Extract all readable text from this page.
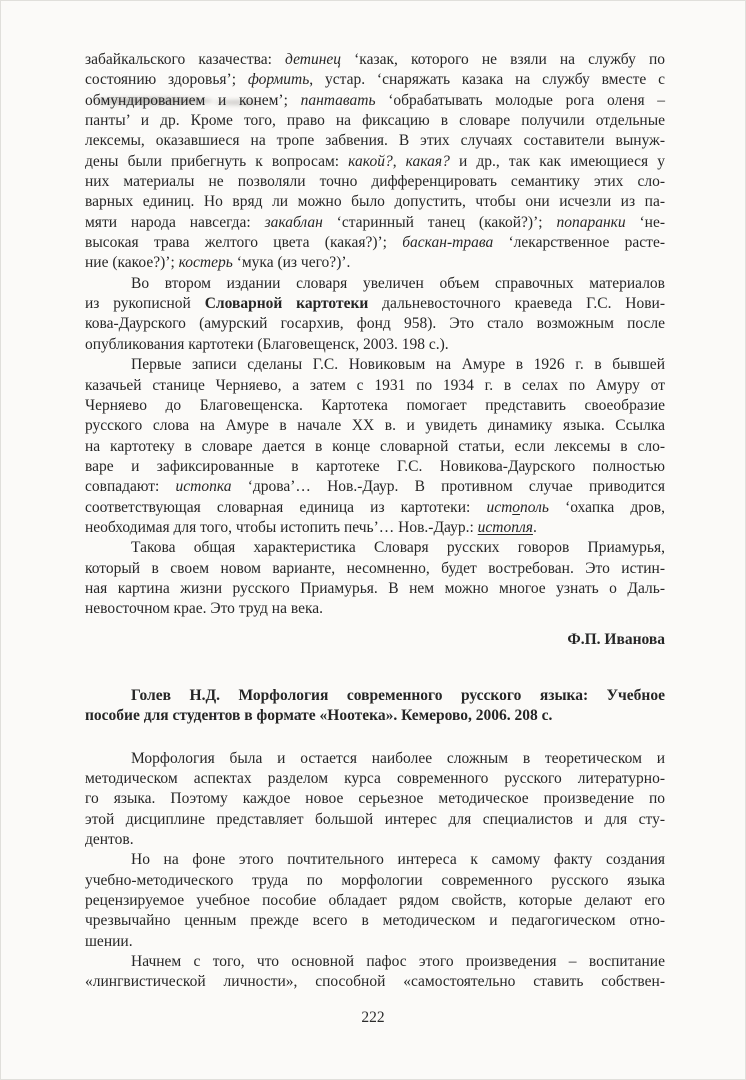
забайкальского казачества: детинец ‘казак, которого не взяли на службу по
состоянию здоровья’; формить, устар. ‘снаряжать казака на службу вместе с
обмундированием и конем’; пантавать ‘обрабатывать молодые рога оленя –
панты’ и др. Кроме того, право на фиксацию в словаре получили отдельные
лексемы, оказавшиеся на тропе забвения. В этих случаях составители вынуж-
дены были прибегнуть к вопросам: какой?, какая? и др., так как имеющиеся у
них материалы не позволяли точно дифференцировать семантику этих сло-
варных единиц. Но вряд ли можно было допустить, чтобы они исчезли из па-
мяти народа навсегда: закаблан ‘старинный танец (какой?)’; попаранки ‘не-
высокая трава желтого цвета (какая?)’; баскан-трава ‘лекарственное расте-
ние (какое?)’; костерь ‘мука (из чего?)’.
Во втором издании словаря увеличен объем справочных материалов
из рукописной Словарной картотеки дальневосточного краеведа Г.С. Нови-
кова-Даурского (амурский госархив, фонд 958). Это стало возможным после
опубликования картотеки (Благовещенск, 2003. 198 с.).
Первые записи сделаны Г.С. Новиковым на Амуре в 1926 г. в бывшей
казачьей станице Черняево, а затем с 1931 по 1934 г. в селах по Амуру от
Черняево до Благовещенска. Картотека помогает представить своеобразие
русского слова на Амуре в начале XX в. и увидеть динамику языка. Ссылка
на картотеку в словаре дается в конце словарной статьи, если лексемы в сло-
варе и зафиксированные в картотеке Г.С. Новикова-Даурского полностью
совпадают: истопка ‘дрова’… Нов.-Даур. В противном случае приводится
соответствующая словарная единица из картотеки: истополь ‘охапка дров,
необходимая для того, чтобы истопить печь’… Нов.-Даур.: истопля.
Такова общая характеристика Словаря русских говоров Приамурья,
который в своем новом варианте, несомненно, будет востребован. Это истин-
ная картина жизни русского Приамурья. В нем можно многое узнать о Даль-
невосточном крае. Это труд на века.
Ф.П. Иванова
Голев Н.Д. Морфология современного русского языка: Учебное
пособие для студентов в формате «Ноотека». Кемерово, 2006. 208 с.
Морфология была и остается наиболее сложным в теоретическом и
методическом аспектах разделом курса современного русского литературно-
го языка. Поэтому каждое новое серьезное методическое произведение по
этой дисциплине представляет большой интерес для специалистов и для сту-
дентов.
Но на фоне этого почтительного интереса к самому факту создания
учебно-методического труда по морфологии современного русского языка
рецензируемое учебное пособие обладает рядом свойств, которые делают его
чрезвычайно ценным прежде всего в методическом и педагогическом отно-
шении.
Начнем с того, что основной пафос этого произведения – воспитание
«лингвистической личности», способной «самостоятельно ставить собствен-
222
